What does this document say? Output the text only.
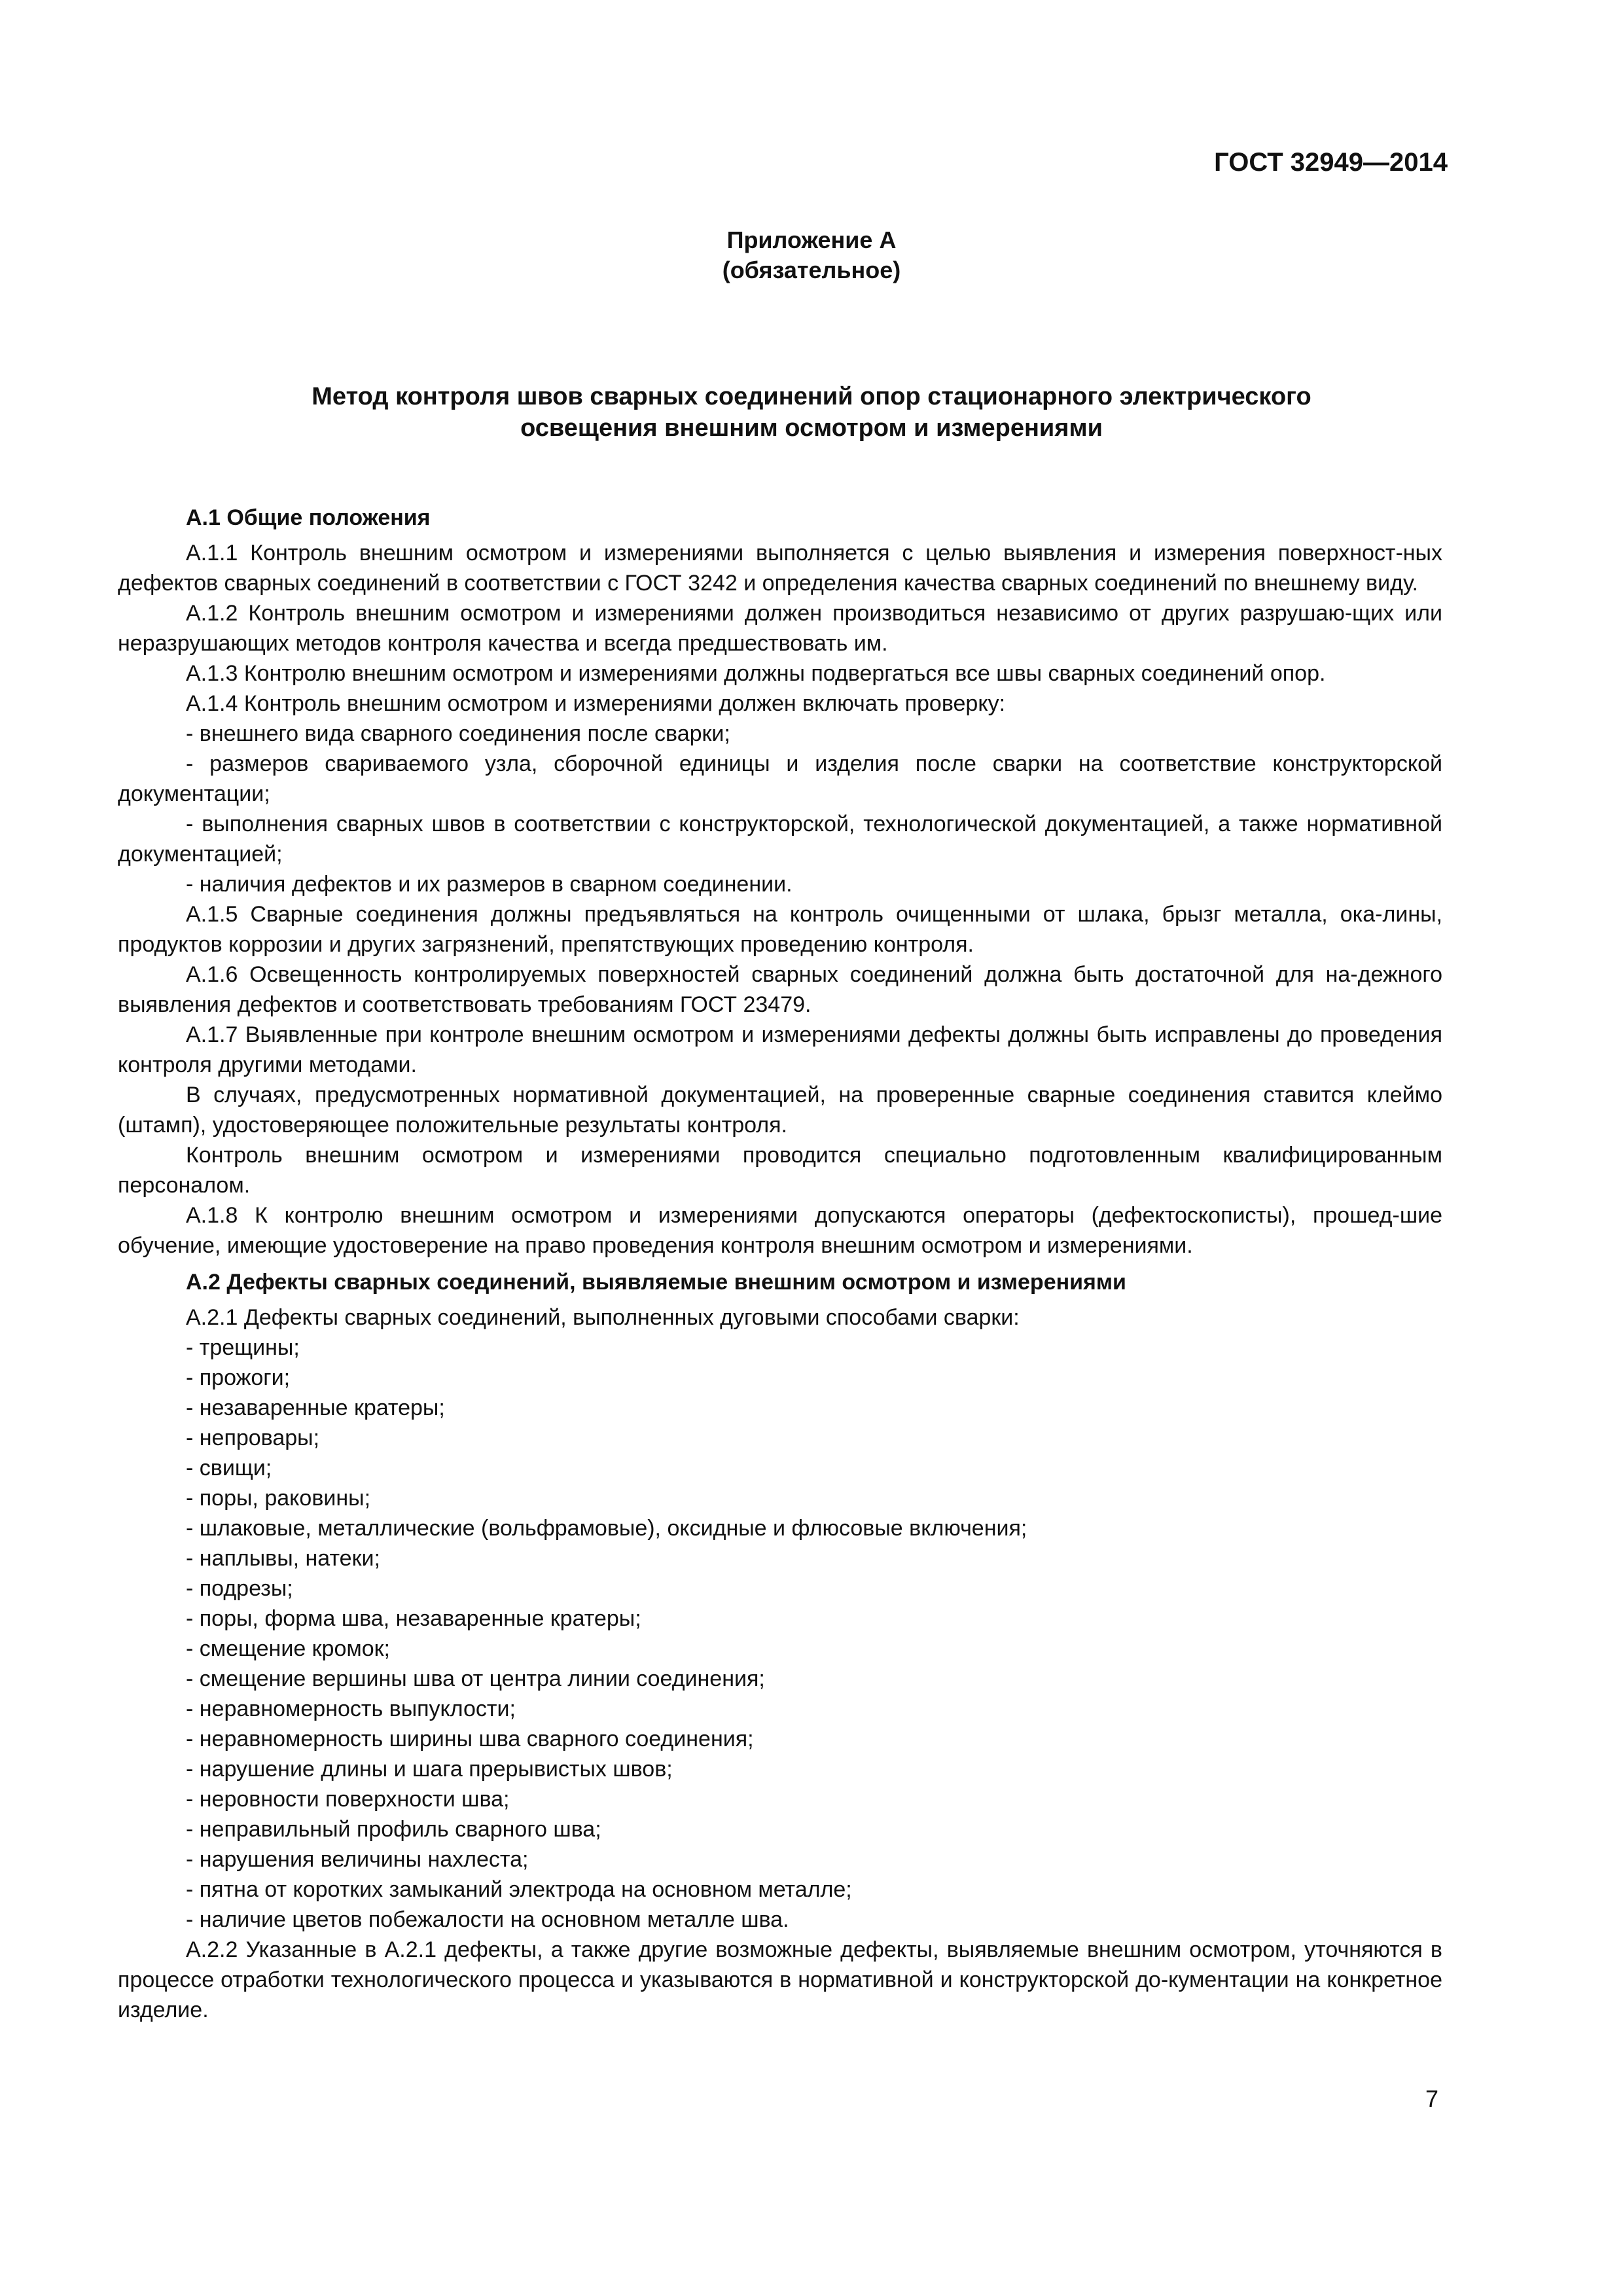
ГОСТ 32949—2014
Приложение А
(обязательное)
Метод контроля швов сварных соединений опор стационарного электрического
освещения внешним осмотром и измерениями

А.1 Общие положения

А.1.1 Контроль внешним осмотром и измерениями выполняется с целью выявления и измерения поверхност-ных дефектов сварных соединений в соответствии с ГОСТ 3242 и определения качества сварных соединений по внешнему виду.

А.1.2 Контроль внешним осмотром и измерениями должен производиться независимо от других разрушаю-щих или неразрушающих методов контроля качества и всегда предшествовать им.

А.1.3 Контролю внешним осмотром и измерениями должны подвергаться все швы сварных соединений опор.

А.1.4 Контроль внешним осмотром и измерениями должен включать проверку:

- внешнего вида сварного соединения после сварки;

- размеров свариваемого узла, сборочной единицы и изделия после сварки на соответствие конструкторской документации;

- выполнения сварных швов в соответствии с конструкторской, технологической документацией, а также нормативной документацией;

- наличия дефектов и их размеров в сварном соединении.

А.1.5 Сварные соединения должны предъявляться на контроль очищенными от шлака, брызг металла, ока-лины, продуктов коррозии и других загрязнений, препятствующих проведению контроля.

А.1.6 Освещенность контролируемых поверхностей сварных соединений должна быть достаточной для на-дежного выявления дефектов и соответствовать требованиям ГОСТ 23479.

А.1.7 Выявленные при контроле внешним осмотром и измерениями дефекты должны быть исправлены до проведения контроля другими методами.

В случаях, предусмотренных нормативной документацией, на проверенные сварные соединения ставится клеймо (штамп), удостоверяющее положительные результаты контроля.

Контроль внешним осмотром и измерениями проводится специально подготовленным квалифицированным персоналом.

А.1.8 К контролю внешним осмотром и измерениями допускаются операторы (дефектоскописты), прошед-шие обучение, имеющие удостоверение на право проведения контроля внешним осмотром и измерениями.

А.2 Дефекты сварных соединений, выявляемые внешним осмотром и измерениями

А.2.1 Дефекты сварных соединений, выполненных дуговыми способами сварки:

- трещины;

- прожоги;

- незаваренные кратеры;

- непровары;

- свищи;

- поры, раковины;

- шлаковые, металлические (вольфрамовые), оксидные и флюсовые включения;

- наплывы, натеки;

- подрезы;

- поры, форма шва, незаваренные кратеры;

- смещение кромок;

- смещение вершины шва от центра линии соединения;

- неравномерность выпуклости;

- неравномерность ширины шва сварного соединения;

- нарушение длины и шага прерывистых швов;

- неровности поверхности шва;

- неправильный профиль сварного шва;

- нарушения величины нахлеста;

- пятна от коротких замыканий электрода на основном металле;

- наличие цветов побежалости на основном металле шва.

А.2.2 Указанные в А.2.1 дефекты, а также другие возможные дефекты, выявляемые внешним осмотром, уточняются в процессе отработки технологического процесса и указываются в нормативной и конструкторской до-кументации на конкретное изделие.

7
